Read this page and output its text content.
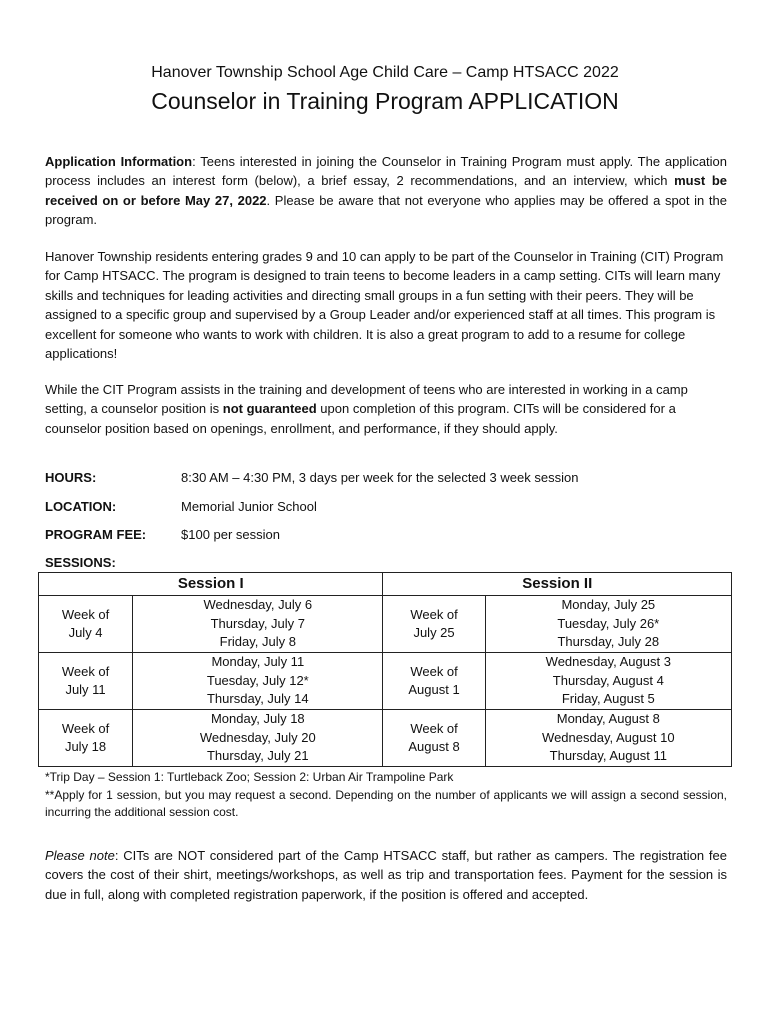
Hanover Township School Age Child Care – Camp HTSACC 2022
Counselor in Training Program APPLICATION

Application Information: Teens interested in joining the Counselor in Training Program must apply. The application process includes an interest form (below), a brief essay, 2 recommendations, and an interview, which must be received on or before May 27, 2022. Please be aware that not everyone who applies may be offered a spot in the program.

Hanover Township residents entering grades 9 and 10 can apply to be part of the Counselor in Training (CIT) Program for Camp HTSACC. The program is designed to train teens to become leaders in a camp setting. CITs will learn many skills and techniques for leading activities and directing small groups in a fun setting with their peers. They will be assigned to a specific group and supervised by a Group Leader and/or experienced staff at all times. This program is excellent for someone who wants to work with children. It is also a great program to add to a resume for college applications!

While the CIT Program assists in the training and development of teens who are interested in working in a camp setting, a counselor position is not guaranteed upon completion of this program. CITs will be considered for a counselor position based on openings, enrollment, and performance, if they should apply.

HOURS:	8:30 AM – 4:30 PM, 3 days per week for the selected 3 week session
LOCATION:	Memorial Junior School
PROGRAM FEE:	$100 per session
SESSIONS:
Session I		Session II	

Week of
July 4	Wednesday, July 6
Thursday, July 7
Friday, July 8	Week of
July 25	Monday, July 25
Tuesday, July 26*
Thursday, July 28

Week of
July 11	Monday, July 11
Tuesday, July 12*
Thursday, July 14	Week of
August 1	Wednesday, August 3
Thursday, August 4
Friday, August 5

Week of
July 18	Monday, July 18
Wednesday, July 20
Thursday, July 21	Week of
August 8	Monday, August 8
Wednesday, August 10
Thursday, August 11
*Trip Day – Session 1: Turtleback Zoo; Session 2: Urban Air Trampoline Park
**Apply for 1 session, but you may request a second. Depending on the number of applicants we will assign a second session, incurring the additional session cost.

Please note: CITs are NOT considered part of the Camp HTSACC staff, but rather as campers. The registration fee covers the cost of their shirt, meetings/workshops, as well as trip and transportation fees. Payment for the session is due in full, along with completed registration paperwork, if the position is offered and accepted.
